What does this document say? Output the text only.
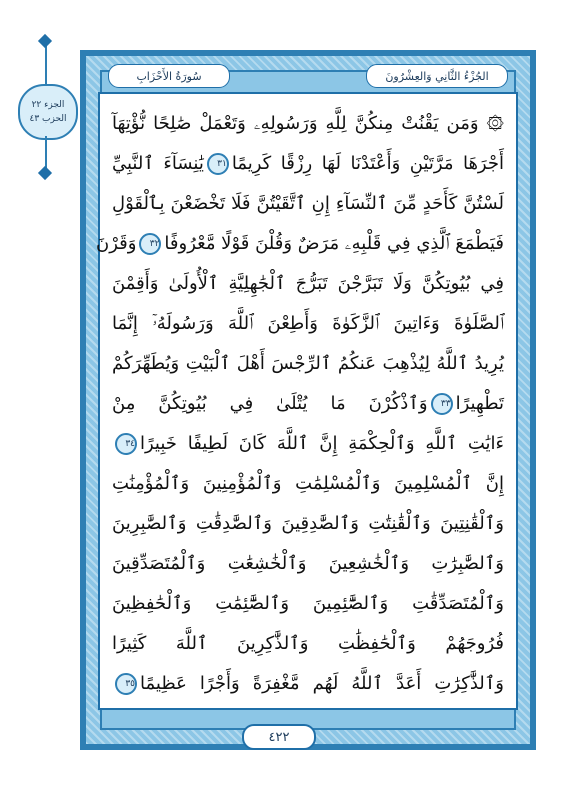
سُورَةُ الأَحْزَابِ	الجُزْءُ الثَّانِي وَالعِشْرُونَ
الجزء ٢٢
الحزب ٤٣	۞ وَمَن يَقْنُتْ مِنكُنَّ لِلَّهِ وَرَسُولِهِۦ وَتَعْمَلْ صَٰلِحًا نُّؤْتِهَآ
أَجْرَهَا مَرَّتَيْنِ وَأَعْتَدْنَا لَهَا رِزْقًا كَرِيمًا٣١يَٰنِسَآءَ ٱلنَّبِيِّ
لَسْتُنَّ كَأَحَدٍ مِّنَ ٱلنِّسَآءِ إِنِ ٱتَّقَيْتُنَّ فَلَا تَخْضَعْنَ بِٱلْقَوْلِ
فَيَطْمَعَ ٱلَّذِي فِي قَلْبِهِۦ مَرَضٌ وَقُلْنَ قَوْلًا مَّعْرُوفًا٣٢وَقَرْنَ
فِي بُيُوتِكُنَّ وَلَا تَبَرَّجْنَ تَبَرُّجَ ٱلْجَٰهِلِيَّةِ ٱلْأُولَىٰ وَأَقِمْنَ
ٱلصَّلَوٰةَ وَءَاتِينَ ٱلزَّكَوٰةَ وَأَطِعْنَ ٱللَّهَ وَرَسُولَهُۥٓ إِنَّمَا
يُرِيدُ ٱللَّهُ لِيُذْهِبَ عَنكُمُ ٱلرِّجْسَ أَهْلَ ٱلْبَيْتِ وَيُطَهِّرَكُمْ
تَطْهِيرًا٣٣وَٱذْكُرْنَ مَا يُتْلَىٰ فِي بُيُوتِكُنَّ مِنْ
ءَايَٰتِ ٱللَّهِ وَٱلْحِكْمَةِ إِنَّ ٱللَّهَ كَانَ لَطِيفًا خَبِيرًا٣٤
إِنَّ ٱلْمُسْلِمِينَ وَٱلْمُسْلِمَٰتِ وَٱلْمُؤْمِنِينَ وَٱلْمُؤْمِنَٰتِ
وَٱلْقَٰنِتِينَ وَٱلْقَٰنِتَٰتِ وَٱلصَّٰدِقِينَ وَٱلصَّٰدِقَٰتِ وَٱلصَّٰبِرِينَ
وَٱلصَّٰبِرَٰتِ وَٱلْخَٰشِعِينَ وَٱلْخَٰشِعَٰتِ وَٱلْمُتَصَدِّقِينَ
وَٱلْمُتَصَدِّقَٰتِ وَٱلصَّٰٓئِمِينَ وَٱلصَّٰٓئِمَٰتِ وَٱلْحَٰفِظِينَ
فُرُوجَهُمْ وَٱلْحَٰفِظَٰتِ وَٱلذَّٰكِرِينَ ٱللَّهَ كَثِيرًا
وَٱلذَّٰكِرَٰتِ أَعَدَّ ٱللَّهُ لَهُم مَّغْفِرَةً وَأَجْرًا عَظِيمًا٣٥
٤٢٢
